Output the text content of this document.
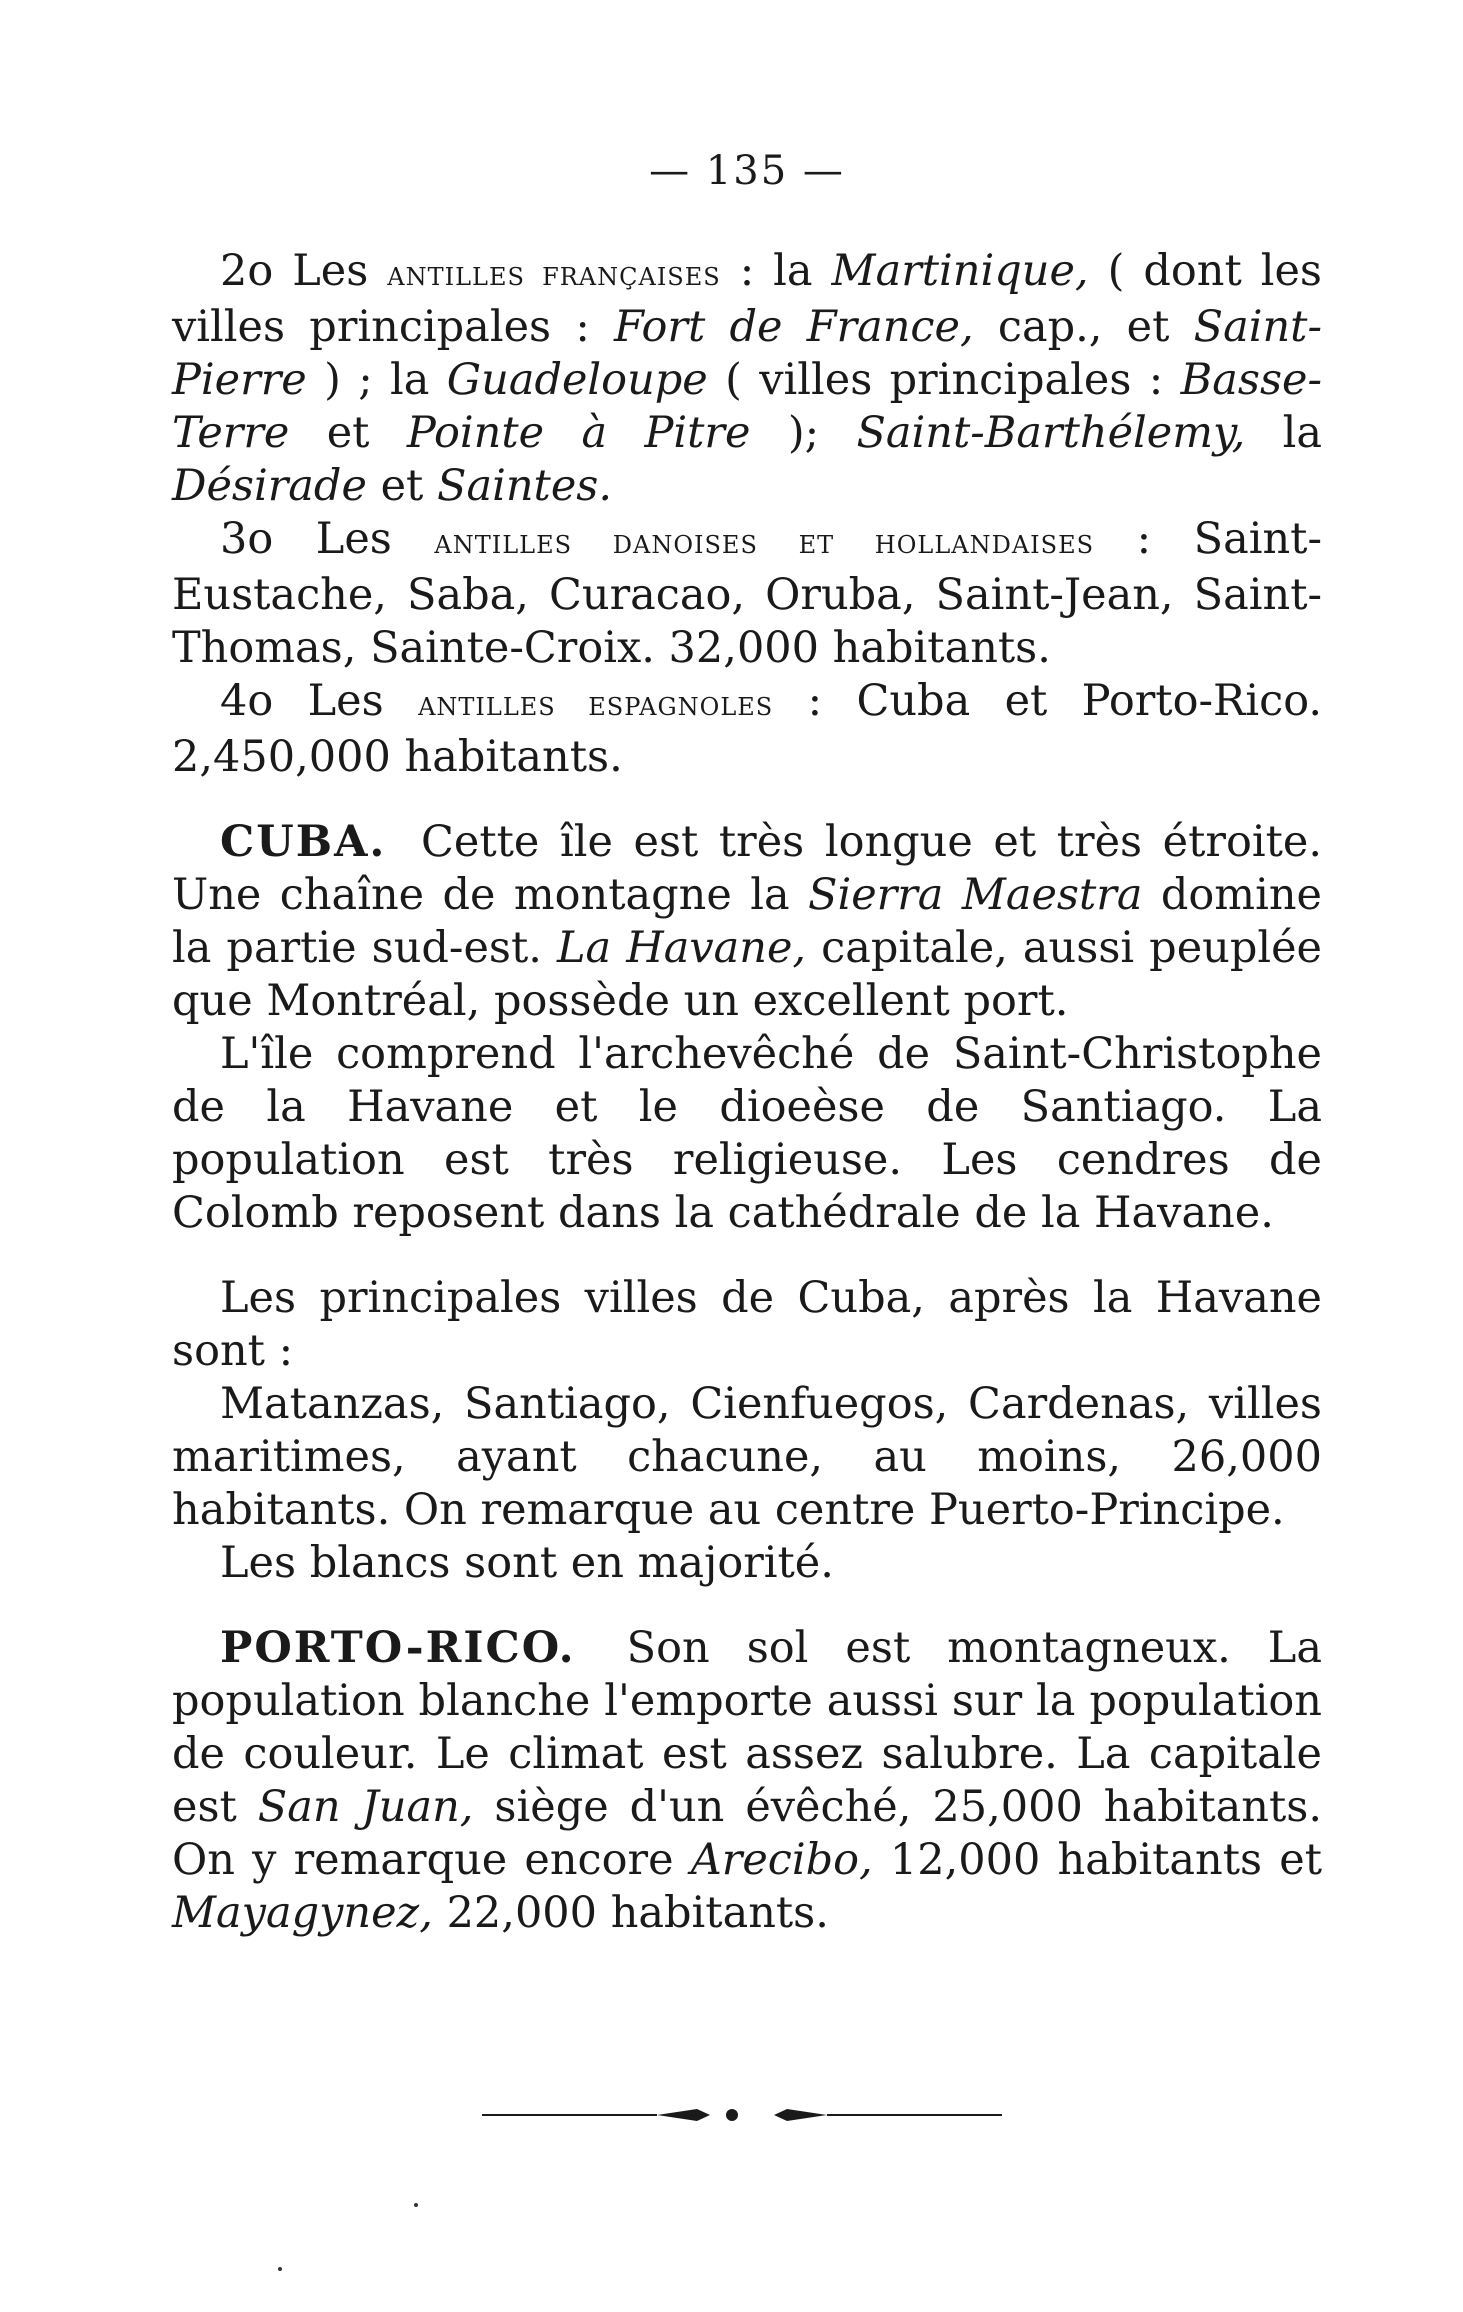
— 135 —

2o Les antilles françaises : la Martinique, ( dont les villes principales : Fort de France, cap., et Saint-Pierre ) ; la Guadeloupe ( villes principales : Basse-Terre et Pointe à Pitre ); Saint-Barthélemy, la Désirade et Saintes.

3o Les antilles danoises et hollandaises : Saint-Eustache, Saba, Curacao, Oruba, Saint-Jean, Saint-Thomas, Sainte-Croix. 32,000 habitants.

4o Les antilles espagnoles : Cuba et Porto-Rico. 2,450,000 habitants.

CUBA. Cette île est très longue et très étroite. Une chaîne de montagne la Sierra Maestra domine la partie sud-est. La Havane, capitale, aussi peuplée que Montréal, possède un excellent port.

L'île comprend l'archevêché de Saint-Christophe de la Havane et le dioeèse de Santiago. La population est très religieuse. Les cendres de Colomb reposent dans la cathédrale de la Havane.

Les principales villes de Cuba, après la Havane sont :

Matanzas, Santiago, Cienfuegos, Cardenas, villes maritimes, ayant chacune, au moins, 26,000 habitants. On remarque au centre Puerto-Principe.

Les blancs sont en majorité.

PORTO-RICO. Son sol est montagneux. La population blanche l'emporte aussi sur la population de couleur. Le climat est assez salubre. La capitale est San Juan, siège d'un évêché, 25,000 habitants. On y remarque encore Arecibo, 12,000 habitants et Mayagynez, 22,000 habitants.
